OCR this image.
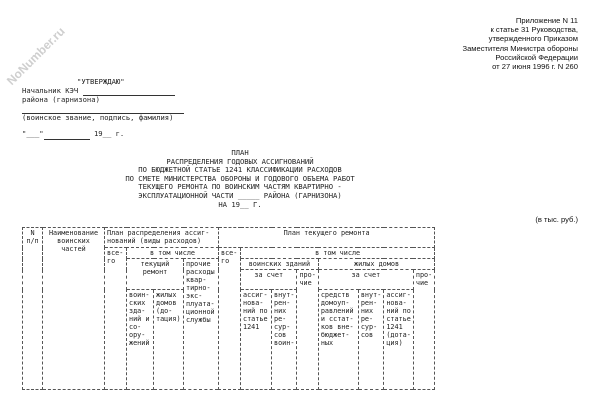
NoNumber.ru
Приложение N 11
к статье 31 Руководства,
утвержденного Приказом
Заместителя Министра обороны
Российской Федерации
от 27 июня 1996 г. N 260
"УТВЕРЖДАЮ"
Начальник КЭЧ
района (гарнизона)
(воинское звание, подпись, фамилия)
"___"	19__ г.
ПЛАН
РАСПРЕДЕЛЕНИЯ ГОДОВЫХ АССИГНОВАНИЙ
ПО БЮДЖЕТНОЙ СТАТЬЕ 1241 КЛАССИФИКАЦИИ РАСХОДОВ
ПО СМЕТЕ МИНИСТЕРСТВА ОБОРОНЫ И ГОДОВОГО ОБЪЕМА РАБОТ
ТЕКУЩЕГО РЕМОНТА ПО ВОИНСКИМ ЧАСТЯМ КВАРТИРНО -
ЭКСПЛУАТАЦИОННОЙ ЧАСТИ _____ РАЙОНА (ГАРНИЗОНА)
НА 19__ Г.
(в тыс. руб.)
N п/п	Наименование воинских частей	План распределения ассиг- нований (виды расходов)				План текущего ремонта							
		все- го	в том числе			все- го	в том числе						
			текущий ремонт		прочие расходы квар- тирно- экс- плуата- ционной службы		воинских зданий			жилых домов			
							за счет		про- чие	за счет			про- чие
			воин- ских зда- ний и со- ору- жений	жилых домов (до- тация)			ассиг- нова- ний по статье 1241	внут- рен- них ре- сур- сов воин-		средств домоуп- равлений и сстат- ков вне- бюджет- ных	внут- рен- них ре- сур- сов	ассиг- нова- ний по статье 1241 (дота- ция)	
